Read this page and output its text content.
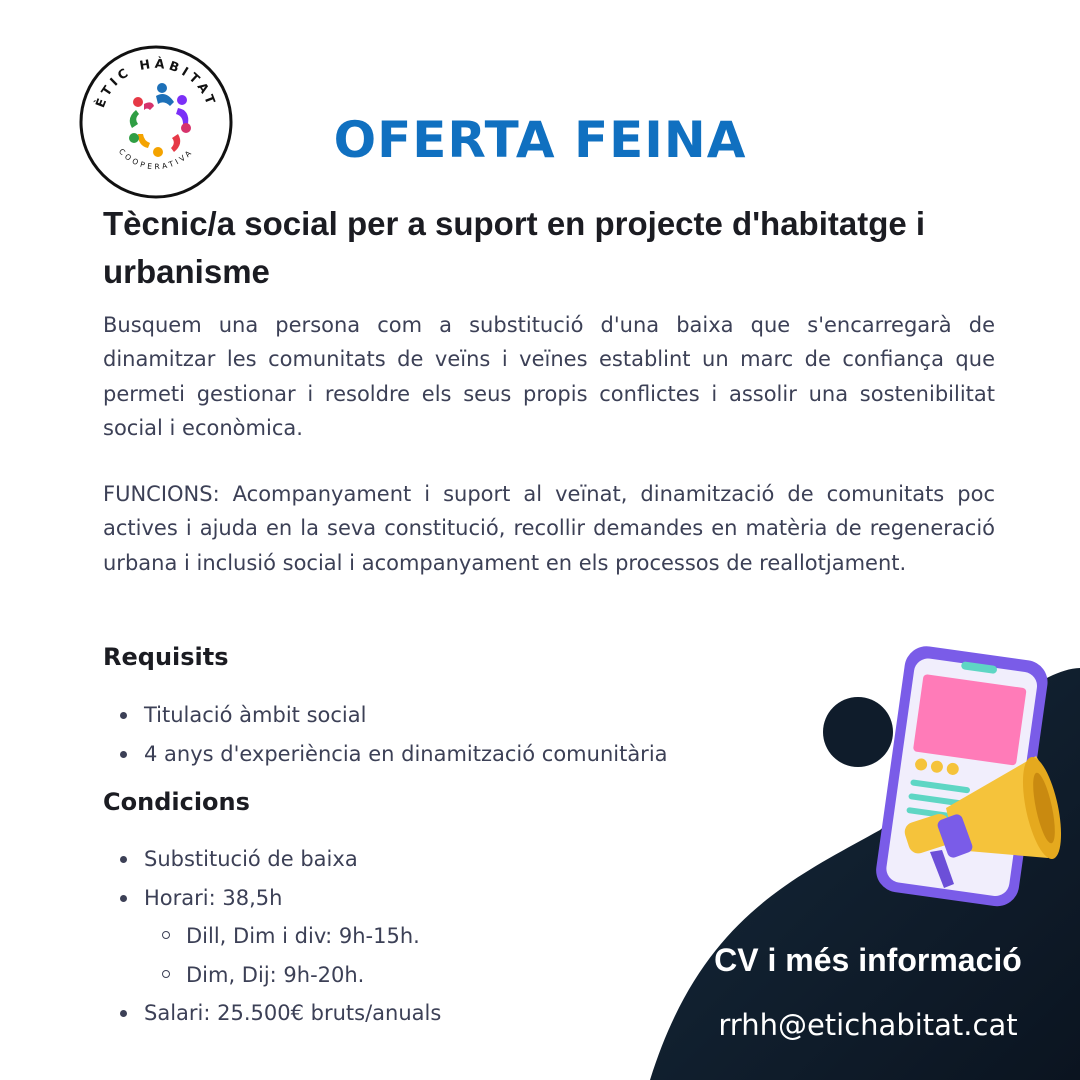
ÈTIC HÀBITAT
COOPERATIVA	OFERTA FEINA
Tècnic/a social per a suport en projecte d'habitatge i urbanisme

Busquem una persona com a substitució d'una baixa que s'encarregarà de dinamitzar les comunitats de veïns i veïnes establint un marc de confiança que permeti gestionar i resoldre els seus propis conflictes i assolir una sostenibilitat social i econòmica.

FUNCIONS: Acompanyament i suport al veïnat, dinamització de comunitats poc actives i ajuda en la seva constitució, recollir demandes en matèria de regeneració urbana i inclusió social i acompanyament en els processos de reallotjament.

Requisits
Titulació àmbit social
4 anys d'experiència en dinamització comunitària
Condicions
Substitució de baixa
Horari: 38,5h
Dill, Dim i div: 9h-15h.
Dim, Dij: 9h-20h.
Salari: 25.500€ bruts/anuals
CV i més informació
rrhh@etichabitat.cat
